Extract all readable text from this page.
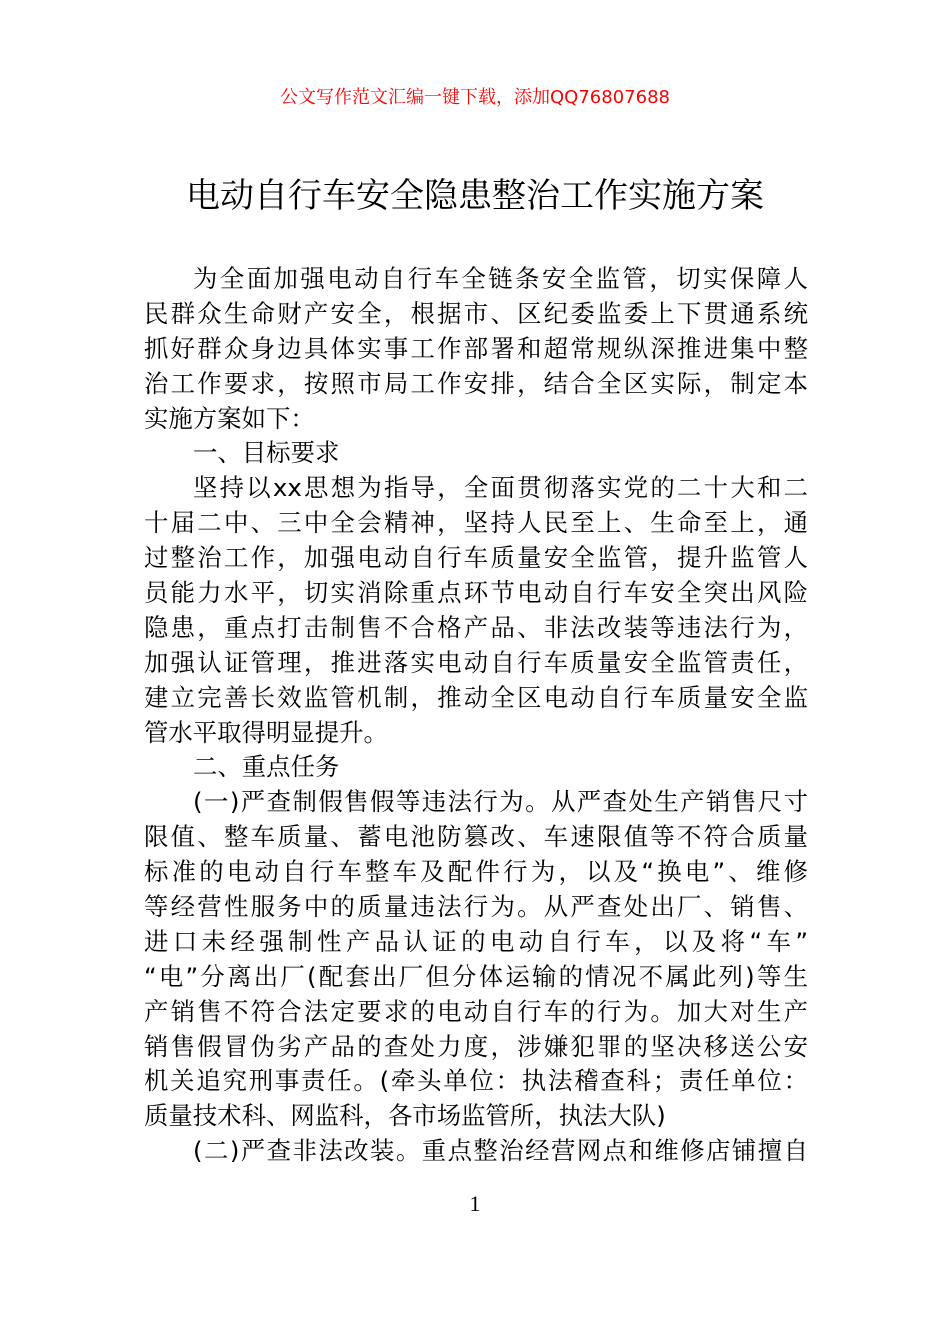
公文写作范文汇编一键下载，添加QQ76807688
电动自行车安全隐患整治工作实施方案
为全面加强电动自行车全链条安全监管，切实保障人
民群众生命财产安全，根据市、区纪委监委上下贯通系统
抓好群众身边具体实事工作部署和超常规纵深推进集中整
治工作要求，按照市局工作安排，结合全区实际，制定本
实施方案如下：
一、目标要求
坚持以xx思想为指导，全面贯彻落实党的二十大和二
十届二中、三中全会精神，坚持人民至上、生命至上，通
过整治工作，加强电动自行车质量安全监管，提升监管人
员能力水平，切实消除重点环节电动自行车安全突出风险
隐患，重点打击制售不合格产品、非法改装等违法行为，
加强认证管理，推进落实电动自行车质量安全监管责任，
建立完善长效监管机制，推动全区电动自行车质量安全监
管水平取得明显提升。
二、重点任务
(一)严查制假售假等违法行为。从严查处生产销售尺寸
限值、整车质量、蓄电池防篡改、车速限值等不符合质量
标准的电动自行车整车及配件行为，以及“换电”、维修
等经营性服务中的质量违法行为。从严查处出厂、销售、
进口未经强制性产品认证的电动自行车，以及将“车”
“电”分离出厂(配套出厂但分体运输的情况不属此列)等生
产销售不符合法定要求的电动自行车的行为。加大对生产
销售假冒伪劣产品的查处力度，涉嫌犯罪的坚决移送公安
机关追究刑事责任。(牵头单位：执法稽查科；责任单位：
质量技术科、网监科，各市场监管所，执法大队)
(二)严查非法改装。重点整治经营网点和维修店铺擅自
1
